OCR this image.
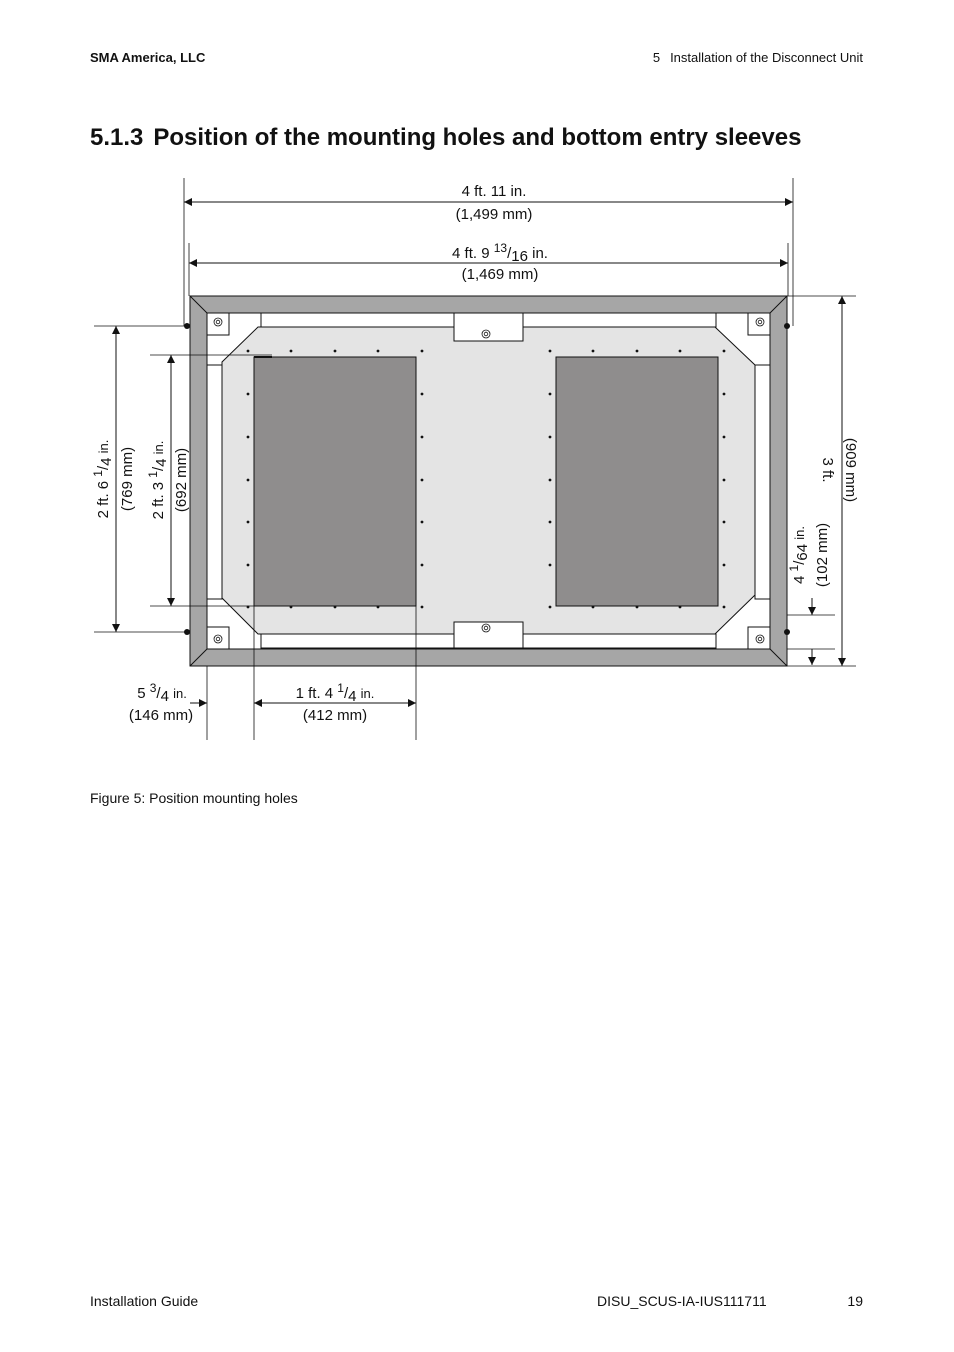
SMA America, LLC	5 Installation of the Disconnect Unit
5.1.3 Position of the mounting holes and bottom entry sleeves
4 ft. 11 in.
(1,499 mm)
4 ft. 9 $^{13}$/16 in.
(1,469 mm)
2 ft. 6 $^1$/4 in.
(769 mm) 2 ft. 3 $^1$/4 in.
(692 mm)	3 ft. (909 mm)
4 $^1$/64 in. (102 mm)
5 $^3$/4 in.
(146 mm)
1 ft. 4 $^1$/4 in.
(412 mm)
Figure 5: Position mounting holes
Installation Guide	DISU_SCUS-IA-IUS111711	19
